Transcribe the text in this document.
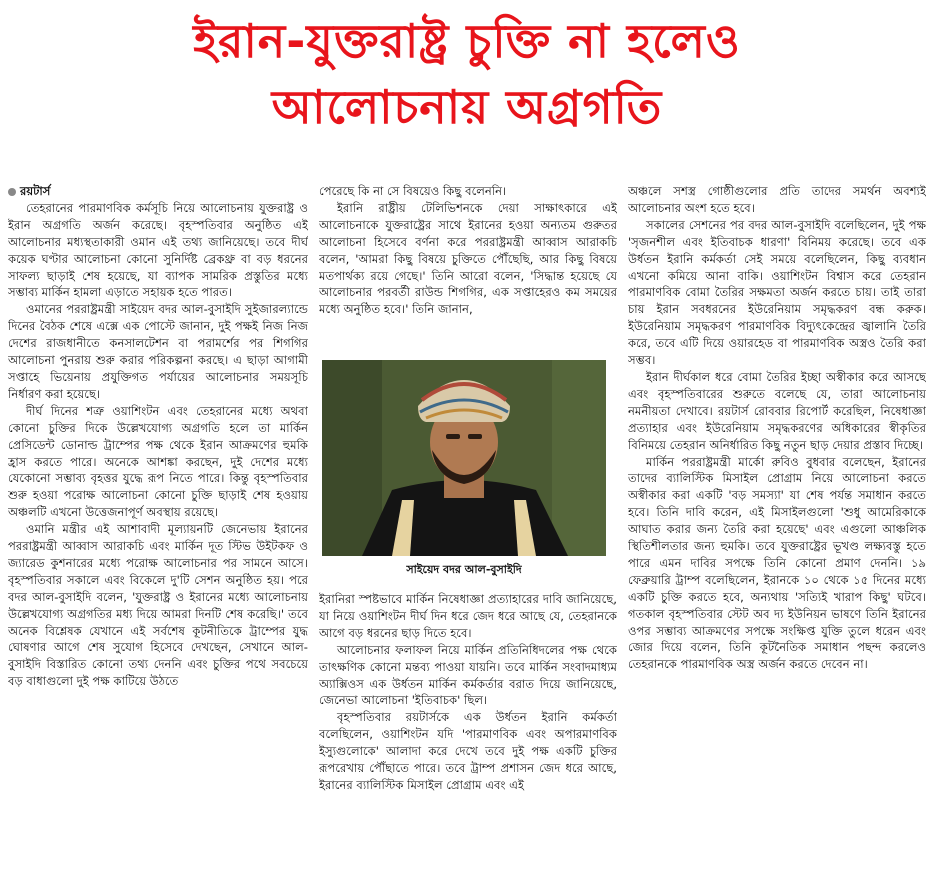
ইরান-যুক্তরাষ্ট্র চুক্তি না হলেও
আলোচনায় অগ্রগতি

রয়টার্স

তেহরানের পারমাণবিক কর্মসূচি নিয়ে আলোচনায় যুক্তরাষ্ট্র ও ইরান অগ্রগতি অর্জন করেছে। বৃহস্পতিবার অনুষ্ঠিত এই আলোচনার মধ্যস্থতাকারী ওমান এই তথ্য জানিয়েছে। তবে দীর্ঘ কয়েক ঘণ্টার আলোচনা কোনো সুনির্দিষ্ট ব্রেকথ্রু বা বড় ধরনের সাফল্য ছাড়াই শেষ হয়েছে, যা ব্যাপক সামরিক প্রস্তুতির মধ্যে সম্ভাব্য মার্কিন হামলা এড়াতে সহায়ক হতে পারত।

ওমানের পররাষ্ট্রমন্ত্রী সাইয়েদ বদর আল-বুসাইদি সুইজারল্যান্ডে দিনের বৈঠক শেষে এক্সে এক পোস্টে জানান, দুই পক্ষই নিজ নিজ দেশের রাজধানীতে কনসালটেশন বা পরামর্শের পর শিগগির আলোচনা পুনরায় শুরু করার পরিকল্পনা করছে। এ ছাড়া আগামী সপ্তাহে ভিয়েনায় প্রযুক্তিগত পর্যায়ের আলোচনার সময়সূচি নির্ধারণ করা হয়েছে।

দীর্ঘ দিনের শত্রু ওয়াশিংটন এবং তেহরানের মধ্যে অথবা কোনো চুক্তির দিকে উল্লেখযোগ্য অগ্রগতি হলে তা মার্কিন প্রেসিডেন্ট ডোনাল্ড ট্রাম্পের পক্ষ থেকে ইরান আক্রমণের হুমকি হ্রাস করতে পারে। অনেকে আশঙ্কা করছেন, দুই দেশের মধ্যে যেকোনো সম্ভাব্য বৃহত্তর যুদ্ধে রূপ নিতে পারে। কিন্তু বৃহস্পতিবার শুরু হওয়া পরোক্ষ আলোচনা কোনো চুক্তি ছাড়াই শেষ হওয়ায় অঞ্চলটি এখনো উত্তেজনাপূর্ণ অবস্থায় রয়েছে।

ওমানি মন্ত্রীর এই আশাবাদী মূল্যায়নটি জেনেভায় ইরানের পররাষ্ট্রমন্ত্রী আব্বাস আরাকচি এবং মার্কিন দূত স্টিভ উইটকফ ও জ্যারেড কুশনারের মধ্যে পরোক্ষ আলোচনার পর সামনে আসে। বৃহস্পতিবার সকালে এবং বিকেলে দু'টি সেশন অনুষ্ঠিত হয়। পরে বদর আল-বুসাইদি বলেন, 'যুক্তরাষ্ট্র ও ইরানের মধ্যে আলোচনায় উল্লেখযোগ্য অগ্রগতির মধ্য দিয়ে আমরা দিনটি শেষ করেছি।' তবে অনেক বিশ্লেষক যেখানে এই সর্বশেষ কূটনীতিকে ট্রাম্পের যুদ্ধ ঘোষণার আগে শেষ সুযোগ হিসেবে দেখছেন, সেখানে আল-বুসাইদি বিস্তারিত কোনো তথ্য দেননি এবং চুক্তির পথে সবচেয়ে বড় বাধাগুলো দুই পক্ষ কাটিয়ে উঠতে

পেরেছে কি না সে বিষয়েও কিছু বলেননি।

ইরানি রাষ্ট্রীয় টেলিভিশনকে দেয়া সাক্ষাৎকারে এই আলোচনাকে যুক্তরাষ্ট্রের সাথে ইরানের হওয়া অন্যতম গুরুতর আলোচনা হিসেবে বর্ণনা করে পররাষ্ট্রমন্ত্রী আব্বাস আরাকচি বলেন, 'আমরা কিছু বিষয়ে চুক্তিতে পৌঁছেছি, আর কিছু বিষয়ে মতপার্থক্য রয়ে গেছে।' তিনি আরো বলেন, 'সিদ্ধান্ত হয়েছে যে আলোচনার পরবর্তী রাউন্ড শিগগির, এক সপ্তাহেরও কম সময়ের মধ্যে অনুষ্ঠিত হবে।' তিনি জানান,

সাইয়েদ বদর আল-বুসাইদি

ইরানিরা স্পষ্টভাবে মার্কিন নিষেধাজ্ঞা প্রত্যাহারের দাবি জানিয়েছে, যা নিয়ে ওয়াশিংটন দীর্ঘ দিন ধরে জেদ ধরে আছে যে, তেহরানকে আগে বড় ধরনের ছাড় দিতে হবে।

আলোচনার ফলাফল নিয়ে মার্কিন প্রতিনিধিদলের পক্ষ থেকে তাৎক্ষণিক কোনো মন্তব্য পাওয়া যায়নি। তবে মার্কিন সংবাদমাধ্যম অ্যাক্সিওস এক উর্ধতন মার্কিন কর্মকর্তার বরাত দিয়ে জানিয়েছে, জেনেভা আলোচনা 'ইতিবাচক' ছিল।

বৃহস্পতিবার রয়টার্সকে এক উর্ধতন ইরানি কর্মকর্তা বলেছিলেন, ওয়াশিংটন যদি 'পারমাণবিক এবং অপারমাণবিক ইস্যুগুলোকে' আলাদা করে দেখে তবে দুই পক্ষ একটি চুক্তির রূপরেখায় পৌঁছাতে পারে। তবে ট্রাম্প প্রশাসন জেদ ধরে আছে, ইরানের ব্যালিস্টিক মিসাইল প্রোগ্রাম এবং এই

অঞ্চলে সশস্ত্র গোষ্ঠীগুলোর প্রতি তাদের সমর্থন অবশ্যই আলোচনার অংশ হতে হবে।

সকালের সেশনের পর বদর আল-বুসাইদি বলেছিলেন, দুই পক্ষ 'সৃজনশীল এবং ইতিবাচক ধারণা' বিনিময় করেছে। তবে এক উর্ধতন ইরানি কর্মকর্তা সেই সময়ে বলেছিলেন, কিছু ব্যবধান এখনো কমিয়ে আনা বাকি। ওয়াশিংটন বিশ্বাস করে তেহরান পারমাণবিক বোমা তৈরির সক্ষমতা অর্জন করতে চায়। তাই তারা চায় ইরান সবধরনের ইউরেনিয়াম সমৃদ্ধকরণ বন্ধ করুক। ইউরেনিয়াম সমৃদ্ধকরণ পারমাণবিক বিদ্যুৎকেন্দ্রের জ্বালানি তৈরি করে, তবে এটি দিয়ে ওয়ারহেড বা পারমাণবিক অস্ত্রও তৈরি করা সম্ভব।

ইরান দীর্ঘকাল ধরে বোমা তৈরির ইচ্ছা অস্বীকার করে আসছে এবং বৃহস্পতিবারের শুরুতে বলেছে যে, তারা আলোচনায় নমনীয়তা দেখাবে। রয়টার্স রোববার রিপোর্ট করেছিল, নিষেধাজ্ঞা প্রত্যাহার এবং ইউরেনিয়াম সমৃদ্ধকরণের অধিকারের স্বীকৃতির বিনিময়ে তেহরান অনির্ধারিত কিছু নতুন ছাড় দেয়ার প্রস্তাব দিচ্ছে।

মার্কিন পররাষ্ট্রমন্ত্রী মার্কো রুবিও বুধবার বলেছেন, ইরানের তাদের ব্যালিস্টিক মিসাইল প্রোগ্রাম নিয়ে আলোচনা করতে অস্বীকার করা একটি 'বড় সমস্যা' যা শেষ পর্যন্ত সমাধান করতে হবে। তিনি দাবি করেন, এই মিসাইলগুলো 'শুধু আমেরিকাকে আঘাত করার জন্য তৈরি করা হয়েছে' এবং এগুলো আঞ্চলিক স্থিতিশীলতার জন্য হুমকি। তবে যুক্তরাষ্ট্রের ভূখণ্ড লক্ষ্যবস্তু হতে পারে এমন দাবির সপক্ষে তিনি কোনো প্রমাণ দেননি। ১৯ ফেব্রুয়ারি ট্রাম্প বলেছিলেন, ইরানকে ১০ থেকে ১৫ দিনের মধ্যে একটি চুক্তি করতে হবে, অন্যথায় 'সত্যিই খারাপ কিছু' ঘটবে। গতকাল বৃহস্পতিবার স্টেট অব দ্য ইউনিয়ন ভাষণে তিনি ইরানের ওপর সম্ভাব্য আক্রমণের সপক্ষে সংক্ষিপ্ত যুক্তি তুলে ধরেন এবং জোর দিয়ে বলেন, তিনি কূটনৈতিক সমাধান পছন্দ করলেও তেহরানকে পারমাণবিক অস্ত্র অর্জন করতে দেবেন না।
